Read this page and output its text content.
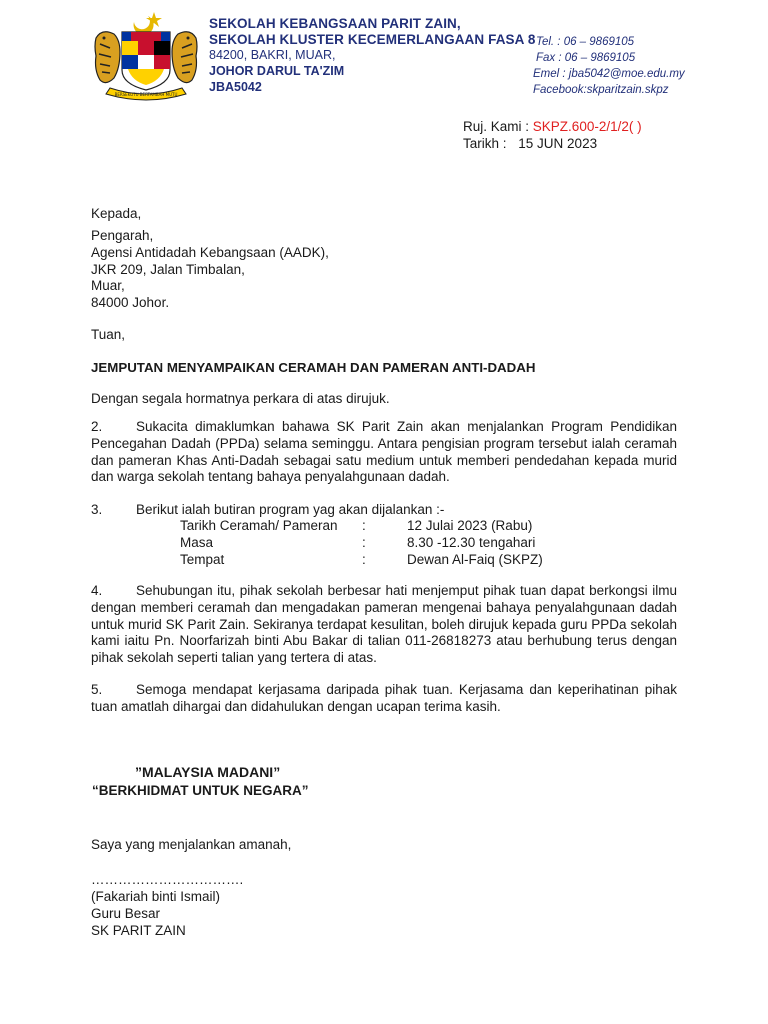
BERSEKUTU BERTAMBAH MUTU
SEKOLAH KEBANGSAAN PARIT ZAIN,
SEKOLAH KLUSTER KECEMERLANGAAN FASA 8
84200, BAKRI, MUAR,
JOHOR DARUL TA'ZIM
JBA5042
Tel. : 06 – 9869105
Fax : 06 – 9869105
Emel : jba5042@moe.edu.my
Facebook:skparitzain.skpz
Ruj. Kami : SKPZ.600-2/1/2( )
Tarikh : 15 JUN 2023
Kepada,
Pengarah,
Agensi Antidadah Kebangsaan (AADK),
JKR 209, Jalan Timbalan,
Muar,
84000 Johor.
Tuan,
JEMPUTAN MENYAMPAIKAN CERAMAH DAN PAMERAN ANTI-DADAH
Dengan segala hormatnya perkara di atas dirujuk.
2. Sukacita dimaklumkan bahawa SK Parit Zain akan menjalankan Program Pendidikan Pencegahan Dadah (PPDa) selama seminggu. Antara pengisian program tersebut ialah ceramah dan pameran Khas Anti-Dadah sebagai satu medium untuk memberi pendedahan kepada murid dan warga sekolah tentang bahaya penyalahgunaan dadah.
3. Berikut ialah butiran program yag akan dijalankan :-
Tarikh Ceramah/ Pameran :	12 Julai 2023 (Rabu)
Masa	:	8.30 -12.30 tengahari
Tempat	:	Dewan Al-Faiq (SKPZ)
4. Sehubungan itu, pihak sekolah berbesar hati menjemput pihak tuan dapat berkongsi ilmu dengan memberi ceramah dan mengadakan pameran mengenai bahaya penyalahgunaan dadah untuk murid SK Parit Zain. Sekiranya terdapat kesulitan, boleh dirujuk kepada guru PPDa sekolah kami iaitu Pn. Noorfarizah binti Abu Bakar di talian 011-26818273 atau berhubung terus dengan pihak sekolah seperti talian yang tertera di atas.
5. Semoga mendapat kerjasama daripada pihak tuan. Kerjasama dan keperihatinan pihak tuan amatlah dihargai dan didahulukan dengan ucapan terima kasih.
”MALAYSIA MADANI”
“BERKHIDMAT UNTUK NEGARA”
Saya yang menjalankan amanah,
…………………………….
(Fakariah binti Ismail)
Guru Besar
SK PARIT ZAIN
